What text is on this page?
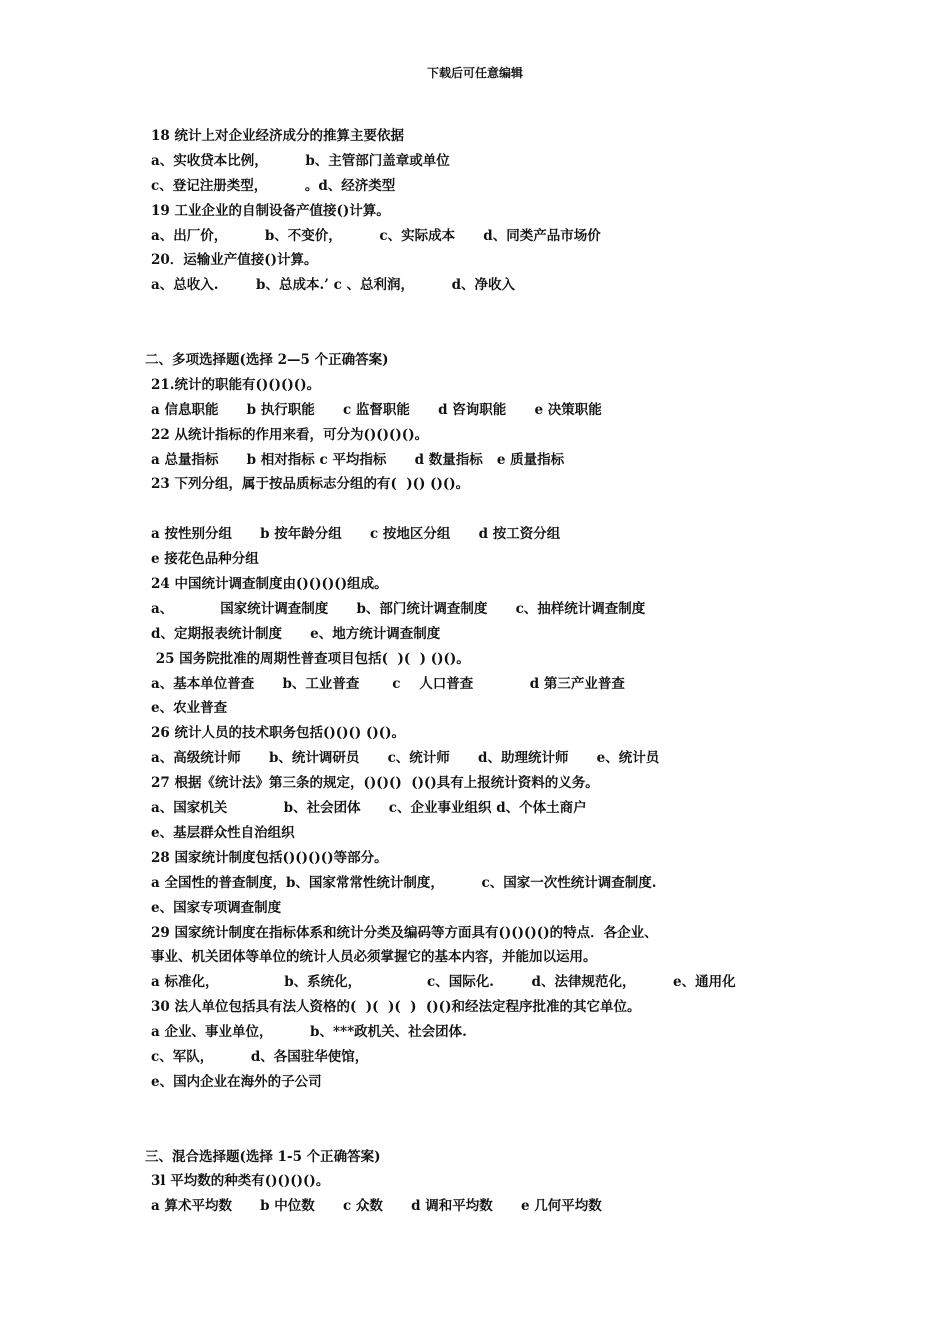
下载后可任意编辑
18 统计上对企业经济成分的推算主要依据
a、实收贷本比例，        b、主管部门盖章或单位
c、登记注册类型，        。d、经济类型
19 工业企业的自制设备产值接()计算。
a、出厂价，        b、不变价，        c、实际成本      d、同类产品市场价
20．运输业产值接()计算。
a、总收入.        b、总成本.’ c 、总利润，        d、净收入
二、多项选择题(选择 2—5 个正确答案)
21.统计的职能有()()()()。
a 信息职能      b 执行职能      c 监督职能      d 咨询职能      e 决策职能
22 从统计指标的作用来看，可分为()()()()。
a 总量指标      b 相对指标 c 平均指标      d 数量指标   e 质量指标
23 下列分组，属于按品质标志分组的有(  )() ()()。
a 按性别分组      b 按年龄分组      c 按地区分组      d 按工资分组
e 接花色品种分组
24 中国统计调查制度由()()()()组成。
a、          国家统计调查制度      b、部门统计调查制度      c、抽样统计调查制度
d、定期报表统计制度      e、地方统计调查制度
25 国务院批准的周期性普查项目包括(  )(  ) ()()。
a、基本单位普查      b、工业普查       c    人口普查            d 第三产业普查
e、农业普查
26 统计人员的技术职务包括()()() ()()。
a、高级统计师      b、统计调研员      c、统计师      d、助理统计师      e、统计员
27 根据《统计法》第三条的规定，()()()  ()()具有上报统计资料的义务。
a、国家机关            b、社会团体      c、企业事业组织 d、个体土商户
e、基层群众性自治组织
28 国家统计制度包括()()()()等部分。
a 全国性的普查制度，b、国家常常性统计制度，        c、国家一次性统计调查制度.
e、国家专项调查制度
29 国家统计制度在指标体系和统计分类及编码等方面具有()()()()的特点．各企业、
事业、机关团体等单位的统计人员必须掌握它的基本内容，并能加以运用。
a 标准化，              b、系统化，              c、国际化.        d、法律规范化，        e、通用化
30 法人单位包括具有法人资格的(  )(  )(  )  ()()和经法定程序批准的其它单位。
a 企业、事业单位，        b、***政机关、社会团体.
c、军队，        d、各国驻华使馆，
e、国内企业在海外的子公司
三、混合选择题(选择 1-5 个正确答案)
3l 平均数的种类有()()()()。
a 算术平均数      b 中位数      c 众数      d 调和平均数      e 几何平均数
